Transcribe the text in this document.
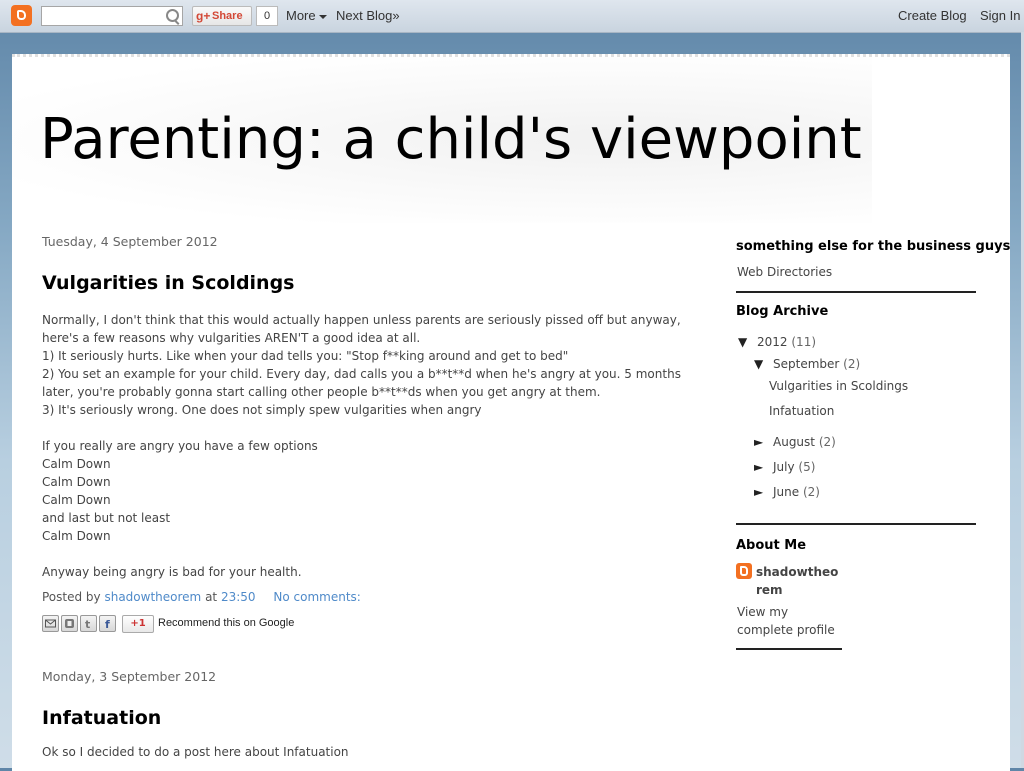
g+ Share	0	More	Next Blog»	Create Blog Sign In
Parenting: a child's viewpoint
Tuesday, 4 September 2012
Vulgarities in Scoldings

Normally, I don't think that this would actually happen unless parents are seriously pissed off but anyway,

here's a few reasons why vulgarities AREN'T a good idea at all.

1) It seriously hurts. Like when your dad tells you: "Stop f**king around and get to bed"

2) You set an example for your child. Every day, dad calls you a b**t**d when he's angry at you. 5 months

later, you're probably gonna start calling other people b**t**ds when you get angry at them.

3) It's seriously wrong. One does not simply spew vulgarities when angry

If you really are angry you have a few options

Calm Down

Calm Down

Calm Down

and last but not least

Calm Down

Anyway being angry is bad for your health.

Posted by shadowtheorem at 23:50 No comments:
t f	+1	Recommend this on Google
Monday, 3 September 2012
Infatuation
Ok so I decided to do a post here about Infatuation
something else for the business guys
Web Directories
Blog Archive
▼ 2012 (11)
▼ September (2)
Vulgarities in Scoldings
Infatuation
► August (2)
► July (5)
► June (2)
About Me
shadowtheorem
View my
complete profile
